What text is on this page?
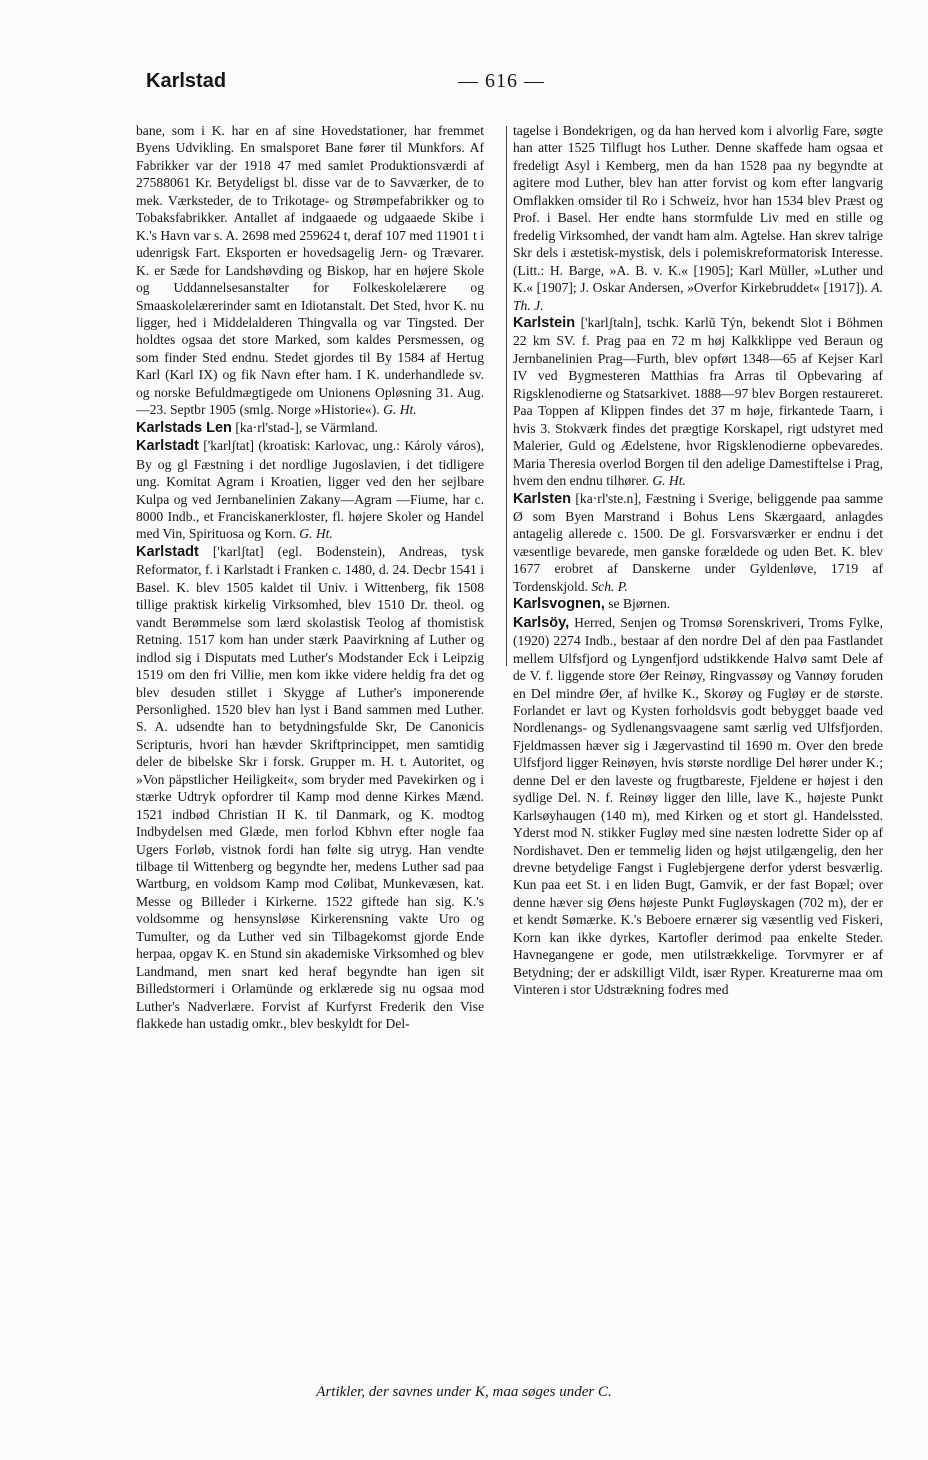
Karlstad	— 616 —

bane, som i K. har en af sine Hovedstationer, har fremmet Byens Udvikling. En smalsporet Bane fører til Munkfors. Af Fabrikker var der 1918 47 med samlet Produktionsværdi af 27588061 Kr. Betydeligst bl. disse var de to Savværker, de to mek. Værksteder, de to Trikotage- og Strømpefabrikker og to Tobaksfabrikker. Antallet af indgaaede og udgaaede Skibe i K.'s Havn var s. A. 2698 med 259624 t, deraf 107 med 11901 t i udenrigsk Fart. Eksporten er hovedsagelig Jern- og Trævarer. K. er Sæde for Landshøvding og Biskop, har en højere Skole og Uddannelsesanstalter for Folkeskolelærere og Smaaskolelærerinder samt en Idiotanstalt. Det Sted, hvor K. nu ligger, hed i Middelalderen Thingvalla og var Tingsted. Der holdtes ogsaa det store Marked, som kaldes Persmessen, og som finder Sted endnu. Stedet gjordes til By 1584 af Hertug Karl (Karl IX) og fik Navn efter ham. I K. underhandlede sv. og norske Befuldmægtigede om Unionens Opløsning 31. Aug.—23. Septbr 1905 (smlg. Norge »Historie«). G. Ht.

Karlstads Len [ka·rl'stad-], se Värmland.

Karlstadt ['karlʃtat] (kroatisk: Karlovac, ung.: Károly város), By og gl Fæstning i det nordlige Jugoslavien, i det tidligere ung. Komitat Agram i Kroatien, ligger ved den her sejlbare Kulpa og ved Jernbanelinien Zakany—Agram —Fiume, har c. 8000 Indb., et Franciskanerkloster, fl. højere Skoler og Handel med Vin, Spirituosa og Korn. G. Ht.

Karlstadt ['karlʃtat] (egl. Bodenstein), Andreas, tysk Reformator, f. i Karlstadt i Franken c. 1480, d. 24. Decbr 1541 i Basel. K. blev 1505 kaldet til Univ. i Wittenberg, fik 1508 tillige praktisk kirkelig Virksomhed, blev 1510 Dr. theol. og vandt Berømmelse som lærd skolastisk Teolog af thomistisk Retning. 1517 kom han under stærk Paavirkning af Luther og indlod sig i Disputats med Luther's Modstander Eck i Leipzig 1519 om den fri Villie, men kom ikke videre heldig fra det og blev desuden stillet i Skygge af Luther's imponerende Personlighed. 1520 blev han lyst i Band sammen med Luther. S. A. udsendte han to betydningsfulde Skr, De Canonicis Scripturis, hvori han hævder Skriftprincippet, men samtidig deler de bibelske Skr i forsk. Grupper m. H. t. Autoritet, og »Von päpstlicher Heiligkeit«, som bryder med Pavekirken og i stærke Udtryk opfordrer til Kamp mod denne Kirkes Mænd. 1521 indbød Christian II K. til Danmark, og K. modtog Indbydelsen med Glæde, men forlod Kbhvn efter nogle faa Ugers Forløb, vistnok fordi han følte sig utryg. Han vendte tilbage til Wittenberg og begyndte her, medens Luther sad paa Wartburg, en voldsom Kamp mod Cølibat, Munkevæsen, kat. Messe og Billeder i Kirkerne. 1522 giftede han sig. K.'s voldsomme og hensynsløse Kirkerensning vakte Uro og Tumulter, og da Luther ved sin Tilbagekomst gjorde Ende herpaa, opgav K. en Stund sin akademiske Virksomhed og blev Landmand, men snart ked heraf begyndte han igen sit Billedstormeri i Orlamünde og erklærede sig nu ogsaa mod Luther's Nadverlære. Forvist af Kurfyrst Frederik den Vise flakkede han ustadig omkr., blev beskyldt for Del-

tagelse i Bondekrigen, og da han herved kom i alvorlig Fare, søgte han atter 1525 Tilflugt hos Luther. Denne skaffede ham ogsaa et fredeligt Asyl i Kemberg, men da han 1528 paa ny begyndte at agitere mod Luther, blev han atter forvist og kom efter langvarig Omflakken omsider til Ro i Schweiz, hvor han 1534 blev Præst og Prof. i Basel. Her endte hans stormfulde Liv med en stille og fredelig Virksomhed, der vandt ham alm. Agtelse. Han skrev talrige Skr dels i æstetisk-mystisk, dels i polemiskreformatorisk Interesse. (Litt.: H. Barge, »A. B. v. K.« [1905]; Karl Müller, »Luther und K.« [1907]; J. Oskar Andersen, »Overfor Kirkebruddet« [1917]). A. Th. J.

Karlstein ['karlʃtaln], tschk. Karlŭ Týn, bekendt Slot i Böhmen 22 km SV. f. Prag paa en 72 m høj Kalkklippe ved Beraun og Jernbanelinien Prag—Furth, blev opført 1348—65 af Kejser Karl IV ved Bygmesteren Matthias fra Arras til Opbevaring af Rigsklenodierne og Statsarkivet. 1888—97 blev Borgen restaureret. Paa Toppen af Klippen findes det 37 m høje, firkantede Taarn, i hvis 3. Stokværk findes det prægtige Korskapel, rigt udstyret med Malerier, Guld og Ædelstene, hvor Rigsklenodierne opbevaredes. Maria Theresia overlod Borgen til den adelige Damestiftelse i Prag, hvem den endnu tilhører. G. Ht.

Karlsten [ka·rl'ste.n], Fæstning i Sverige, beliggende paa samme Ø som Byen Marstrand i Bohus Lens Skærgaard, anlagdes antagelig allerede c. 1500. De gl. Forsvarsværker er endnu i det væsentlige bevarede, men ganske forældede og uden Bet. K. blev 1677 erobret af Danskerne under Gyldenløve, 1719 af Tordenskjold. Sch. P.

Karlsvognen, se Bjørnen.

Karlsöy, Herred, Senjen og Tromsø Sorenskriveri, Troms Fylke, (1920) 2274 Indb., bestaar af den nordre Del af den paa Fastlandet mellem Ulfsfjord og Lyngenfjord udstikkende Halvø samt Dele af de V. f. liggende store Øer Reinøy, Ringvassøy og Vannøy foruden en Del mindre Øer, af hvilke K., Skorøy og Fugløy er de største. Forlandet er lavt og Kysten forholdsvis godt bebygget baade ved Nordlenangs- og Sydlenangsvaagene samt særlig ved Ulfsfjorden. Fjeldmassen hæver sig i Jægervastind til 1690 m. Over den brede Ulfsfjord ligger Reinøyen, hvis største nordlige Del hører under K.; denne Del er den laveste og frugtbareste, Fjeldene er højest i den sydlige Del. N. f. Reinøy ligger den lille, lave K., højeste Punkt Karlsøyhaugen (140 m), med Kirken og et stort gl. Handelssted. Yderst mod N. stikker Fugløy med sine næsten lodrette Sider op af Nordishavet. Den er temmelig liden og højst utilgængelig, den her drevne betydelige Fangst i Fuglebjergene derfor yderst besværlig. Kun paa eet St. i en liden Bugt, Gamvik, er der fast Bopæl; over denne hæver sig Øens højeste Punkt Fugløyskagen (702 m), der er et kendt Sømærke. K.'s Beboere ernærer sig væsentlig ved Fiskeri, Korn kan ikke dyrkes, Kartofler derimod paa enkelte Steder. Havnegangene er gode, men utilstrækkelige. Torvmyrer er af Betydning; der er adskilligt Vildt, især Ryper. Kreaturerne maa om Vinteren i stor Udstrækning fodres med

Artikler, der savnes under K, maa søges under C.
